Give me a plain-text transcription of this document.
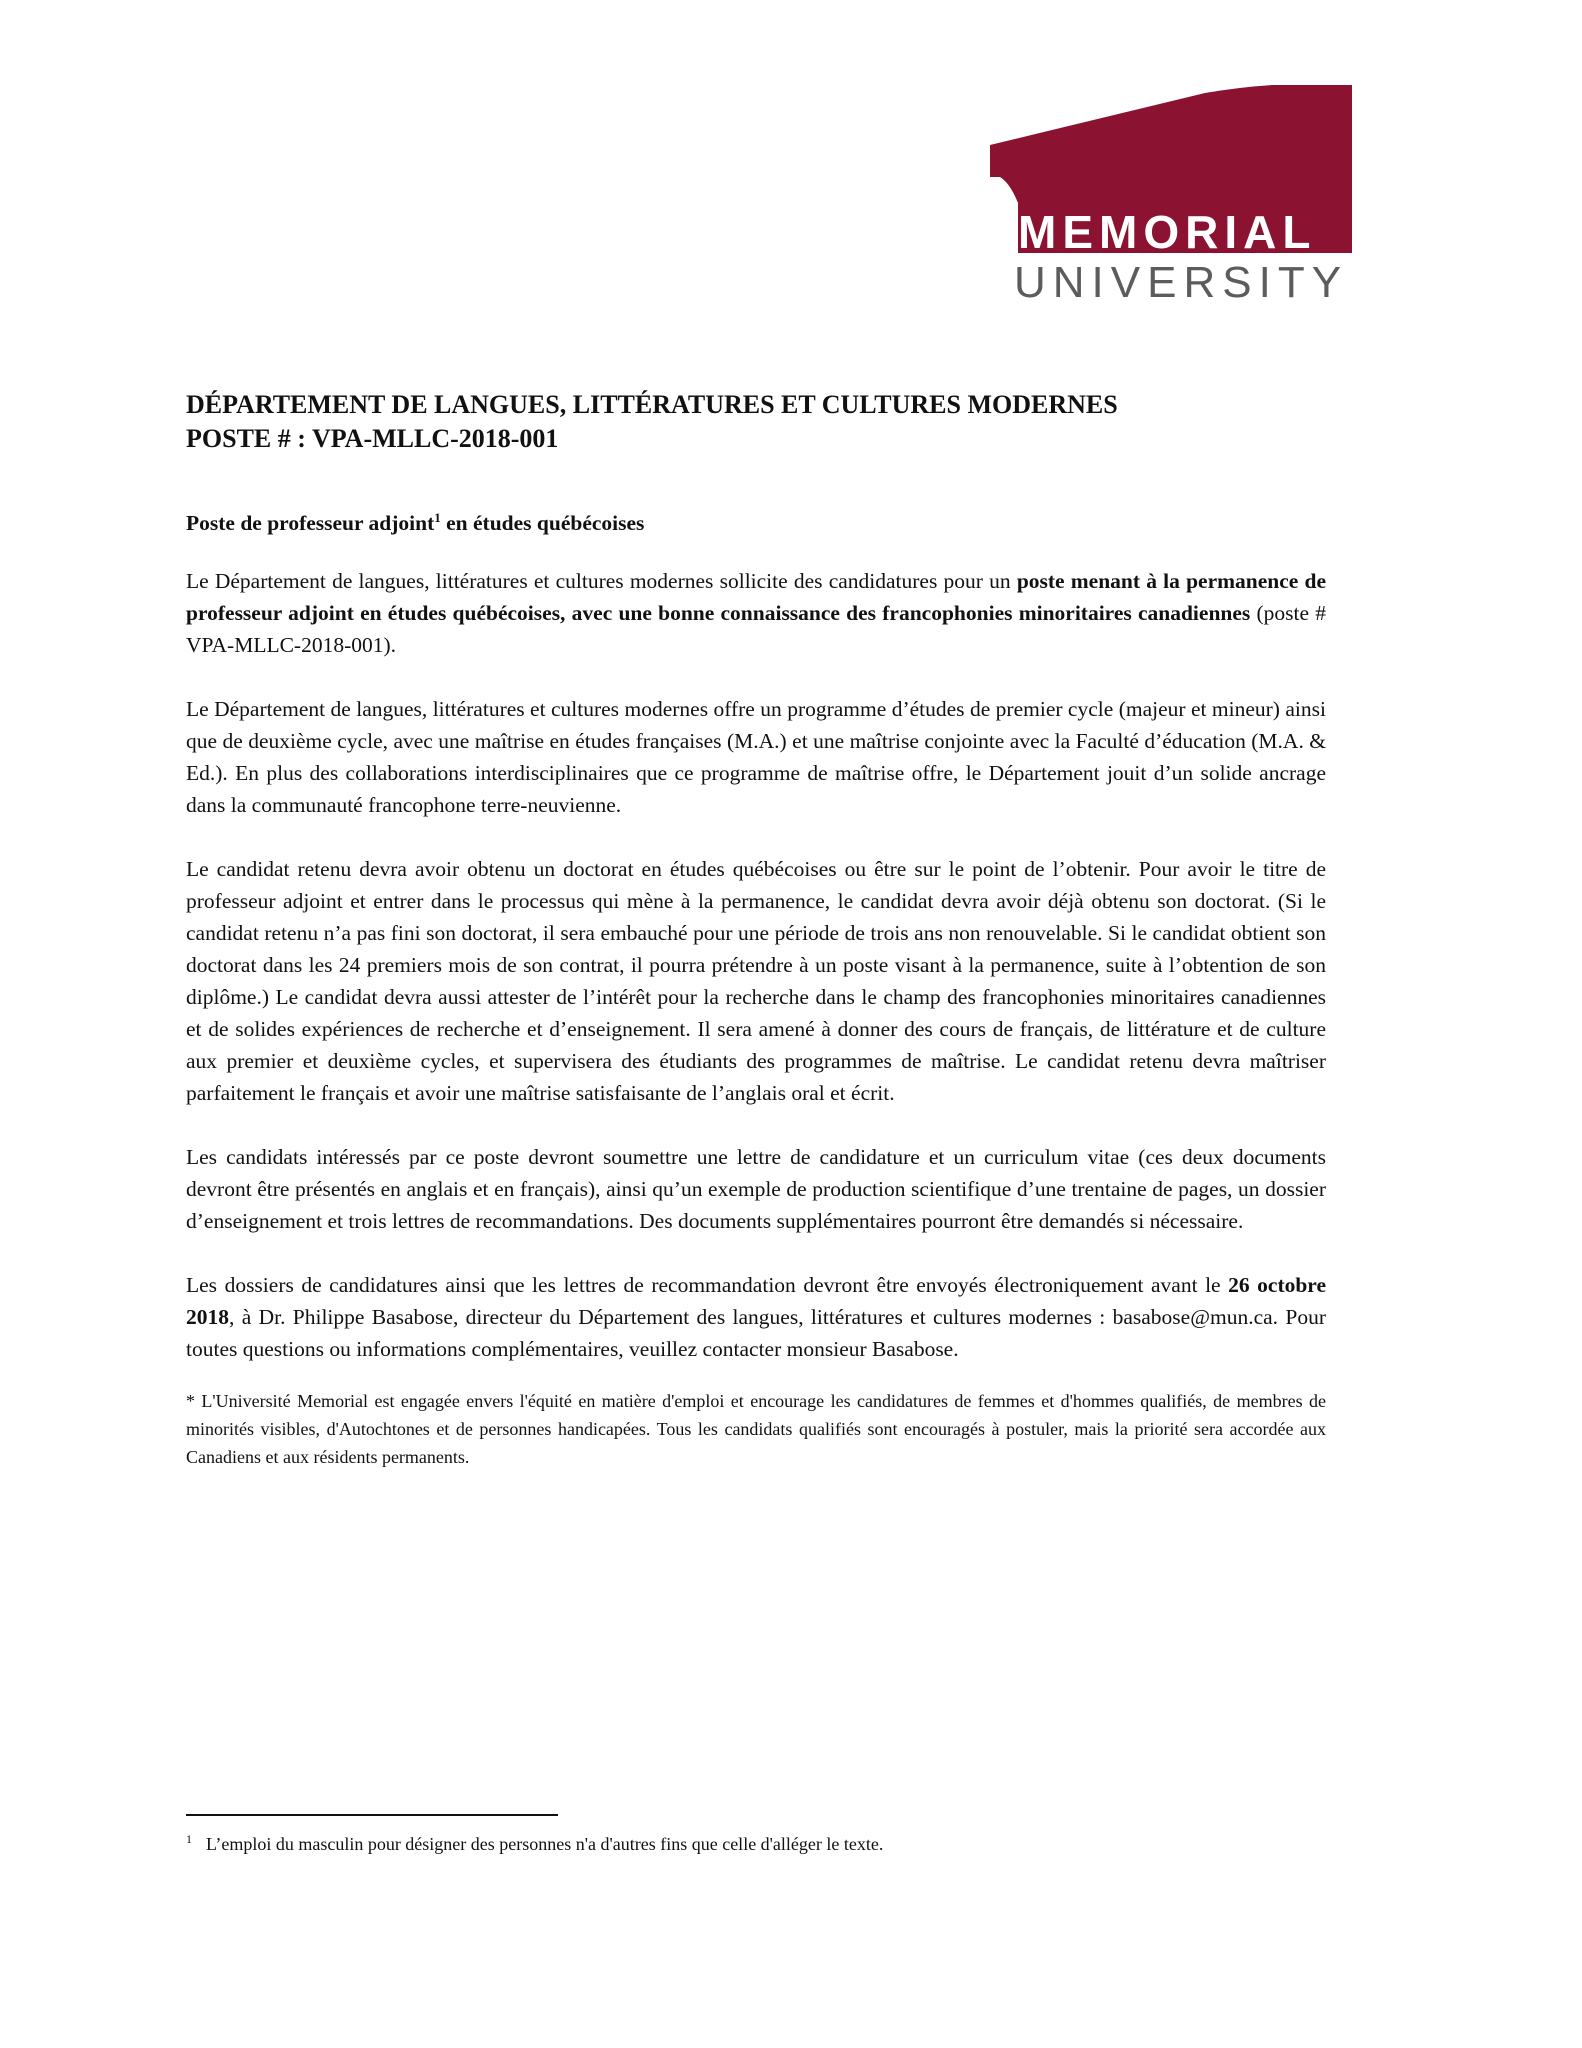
MEMORIAL
UNIVERSITY
DÉPARTEMENT DE LANGUES, LITTÉRATURES ET CULTURES MODERNES
POSTE # : VPA-MLLC-2018-001
Poste de professeur adjoint$^1$ en études québécoises

Le Département de langues, littératures et cultures modernes sollicite des candidatures pour un poste menant à la permanence de professeur adjoint en études québécoises, avec une bonne connaissance des francophonies minoritaires canadiennes (poste # VPA-MLLC-2018-001).

Le Département de langues, littératures et cultures modernes offre un programme d’études de premier cycle (majeur et mineur) ainsi que de deuxième cycle, avec une maîtrise en études françaises (M.A.) et une maîtrise conjointe avec la Faculté d’éducation (M.A. & Ed.). En plus des collaborations interdisciplinaires que ce programme de maîtrise offre, le Département jouit d’un solide ancrage dans la communauté francophone terre-neuvienne.

Le candidat retenu devra avoir obtenu un doctorat en études québécoises ou être sur le point de l’obtenir. Pour avoir le titre de professeur adjoint et entrer dans le processus qui mène à la permanence, le candidat devra avoir déjà obtenu son doctorat. (Si le candidat retenu n’a pas fini son doctorat, il sera embauché pour une période de trois ans non renouvelable. Si le candidat obtient son doctorat dans les 24 premiers mois de son contrat, il pourra prétendre à un poste visant à la permanence, suite à l’obtention de son diplôme.) Le candidat devra aussi attester de l’intérêt pour la recherche dans le champ des francophonies minoritaires canadiennes et de solides expériences de recherche et d’enseignement. Il sera amené à donner des cours de français, de littérature et de culture aux premier et deuxième cycles, et supervisera des étudiants des programmes de maîtrise. Le candidat retenu devra maîtriser parfaitement le français et avoir une maîtrise satisfaisante de l’anglais oral et écrit.

Les candidats intéressés par ce poste devront soumettre une lettre de candidature et un curriculum vitae (ces deux documents devront être présentés en anglais et en français), ainsi qu’un exemple de production scientifique d’une trentaine de pages, un dossier d’enseignement et trois lettres de recommandations. Des documents supplémentaires pourront être demandés si nécessaire.

Les dossiers de candidatures ainsi que les lettres de recommandation devront être envoyés électroniquement avant le 26 octobre 2018, à Dr. Philippe Basabose, directeur du Département des langues, littératures et cultures modernes : basabose@mun.ca. Pour toutes questions ou informations complémentaires, veuillez contacter monsieur Basabose.

* L'Université Memorial est engagée envers l'équité en matière d'emploi et encourage les candidatures de femmes et d'hommes qualifiés, de membres de minorités visibles, d'Autochtones et de personnes handicapées. Tous les candidats qualifiés sont encouragés à postuler, mais la priorité sera accordée aux Canadiens et aux résidents permanents.

$^1$ L’emploi du masculin pour désigner des personnes n'a d'autres fins que celle d'alléger le texte.
